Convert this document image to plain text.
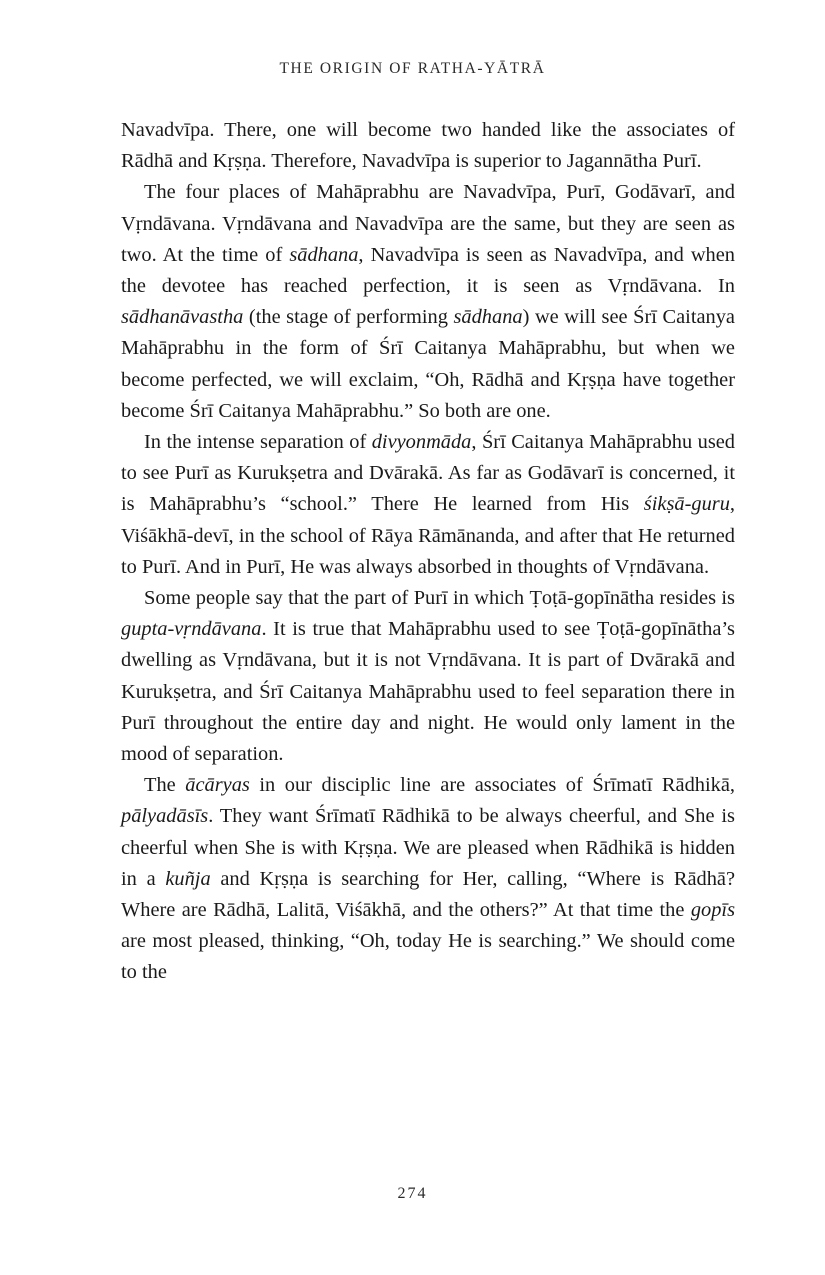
THE ORIGIN OF RATHA-YĀTRĀ

Navadvīpa. There, one will become two handed like the associates of Rādhā and Kṛṣṇa. Therefore, Navadvīpa is superior to Jagannātha Purī.

The four places of Mahāprabhu are Navadvīpa, Purī, Godāvarī, and Vṛndāvana. Vṛndāvana and Navadvīpa are the same, but they are seen as two. At the time of sādhana, Navadvīpa is seen as Navadvīpa, and when the devotee has reached perfection, it is seen as Vṛndāvana. In sādhanāvastha (the stage of performing sādhana) we will see Śrī Caitanya Mahāprabhu in the form of Śrī Caitanya Mahāprabhu, but when we become perfected, we will exclaim, “Oh, Rādhā and Kṛṣṇa have together become Śrī Caitanya Mahāprabhu.” So both are one.

In the intense separation of divyonmāda, Śrī Caitanya Mahāprabhu used to see Purī as Kurukṣetra and Dvārakā. As far as Godāvarī is concerned, it is Mahāprabhu’s “school.” There He learned from His śikṣā-guru, Viśākhā-devī, in the school of Rāya Rāmānanda, and after that He returned to Purī. And in Purī, He was always absorbed in thoughts of Vṛndāvana.

Some people say that the part of Purī in which Ṭoṭā-gopīnātha resides is gupta-vṛndāvana. It is true that Mahāprabhu used to see Ṭoṭā-gopīnātha’s dwelling as Vṛndāvana, but it is not Vṛndāvana. It is part of Dvārakā and Kurukṣetra, and Śrī Caitanya Mahāprabhu used to feel separation there in Purī throughout the entire day and night. He would only lament in the mood of separation.

The ācāryas in our disciplic line are associates of Śrīmatī Rādhikā, pālyadāsīs. They want Śrīmatī Rādhikā to be always cheerful, and She is cheerful when She is with Kṛṣṇa. We are pleased when Rādhikā is hidden in a kuñja and Kṛṣṇa is searching for Her, calling, “Where is Rādhā? Where are Rādhā, Lalitā, Viśākhā, and the others?” At that time the gopīs are most pleased, thinking, “Oh, today He is searching.” We should come to the

274
